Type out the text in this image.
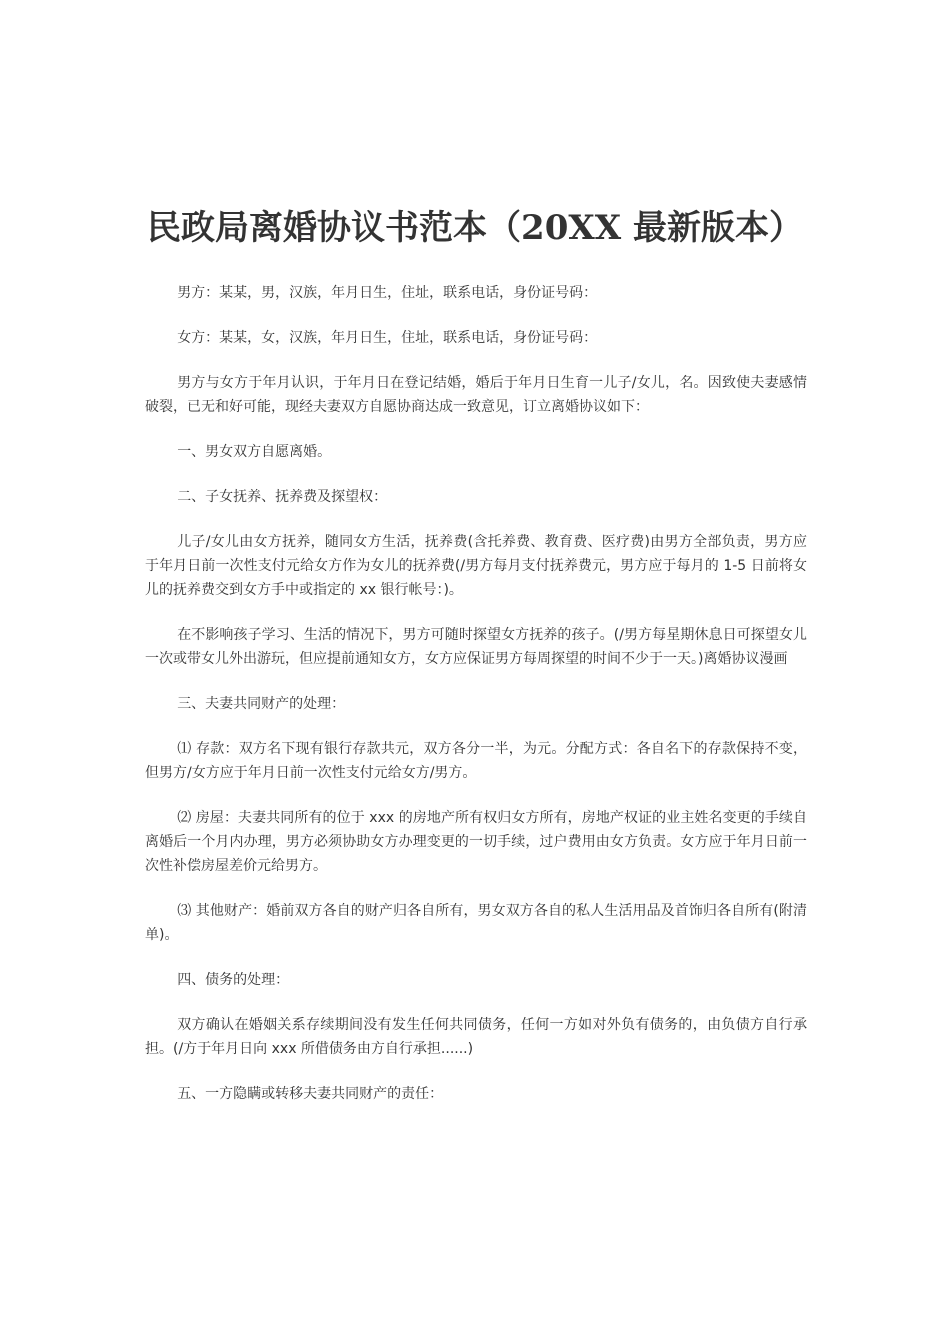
民政局离婚协议书范本（20XX 最新版本）

男方：某某，男，汉族，年月日生，住址，联系电话，身份证号码：

女方：某某，女，汉族，年月日生，住址，联系电话，身份证号码：

男方与女方于年月认识，于年月日在登记结婚，婚后于年月日生育一儿子/女儿，名。因致使夫妻感情破裂，已无和好可能，现经夫妻双方自愿协商达成一致意见，订立离婚协议如下：

一、男女双方自愿离婚。

二、子女抚养、抚养费及探望权：

儿子/女儿由女方抚养，随同女方生活，抚养费(含托养费、教育费、医疗费)由男方全部负责，男方应于年月日前一次性支付元给女方作为女儿的抚养费(/男方每月支付抚养费元，男方应于每月的 1-5 日前将女儿的抚养费交到女方手中或指定的 xx 银行帐号：)。

在不影响孩子学习、生活的情况下，男方可随时探望女方抚养的孩子。(/男方每星期休息日可探望女儿一次或带女儿外出游玩，但应提前通知女方，女方应保证男方每周探望的时间不少于一天。)离婚协议漫画

三、夫妻共同财产的处理：

⑴ 存款：双方名下现有银行存款共元，双方各分一半，为元。分配方式：各自名下的存款保持不变，但男方/女方应于年月日前一次性支付元给女方/男方。

⑵ 房屋：夫妻共同所有的位于 xxx 的房地产所有权归女方所有，房地产权证的业主姓名变更的手续自离婚后一个月内办理，男方必须协助女方办理变更的一切手续，过户费用由女方负责。女方应于年月日前一次性补偿房屋差价元给男方。

⑶ 其他财产：婚前双方各自的财产归各自所有，男女双方各自的私人生活用品及首饰归各自所有(附清单)。

四、债务的处理：

双方确认在婚姻关系存续期间没有发生任何共同债务，任何一方如对外负有债务的，由负债方自行承担。(/方于年月日向 xxx 所借债务由方自行承担......)

五、一方隐瞒或转移夫妻共同财产的责任：
